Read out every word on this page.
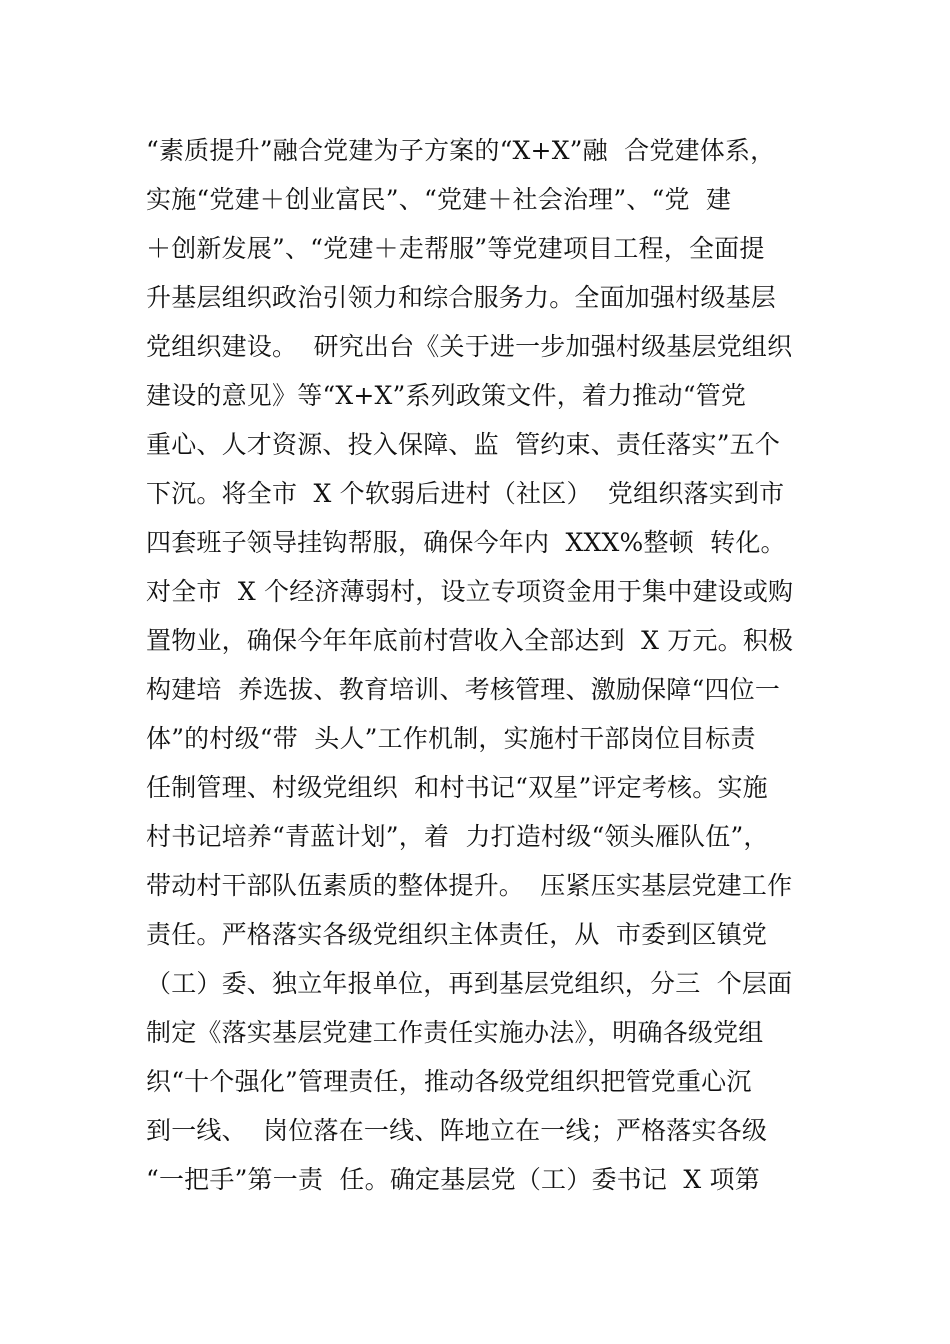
“素质提升”融合党建为子方案的“X+X”融  合党建体系，
实施“党建＋创业富民”、“党建＋社会治理”、“党  建
＋创新发展”、“党建＋走帮服”等党建项目工程，全面提
升基层组织政治引领力和综合服务力。全面加强村级基层
党组织建设。  研究出台《关于进一步加强村级基层党组织
建设的意见》等“X+X”系列政策文件，着力推动“管党
重心、人才资源、投入保障、监  管约束、责任落实”五个
下沉。将全市  X 个软弱后进村（社区）  党组织落实到市
四套班子领导挂钩帮服，确保今年内  XXX%整顿  转化。
对全市  X 个经济薄弱村，设立专项资金用于集中建设或购
置物业，确保今年年底前村营收入全部达到  X 万元。积极
构建培  养选拔、教育培训、考核管理、激励保障“四位一
体”的村级“带  头人”工作机制，实施村干部岗位目标责
任制管理、村级党组织  和村书记“双星”评定考核。实施
村书记培养“青蓝计划”，着  力打造村级“领头雁队伍”，
带动村干部队伍素质的整体提升。  压紧压实基层党建工作
责任。严格落实各级党组织主体责任，从  市委到区镇党
（工）委、独立年报单位，再到基层党组织，分三  个层面
制定《落实基层党建工作责任实施办法》，明确各级党组
织“十个强化”管理责任，推动各级党组织把管党重心沉
到一线、  岗位落在一线、阵地立在一线；严格落实各级
“一把手”第一责  任。确定基层党（工）委书记  X 项第
